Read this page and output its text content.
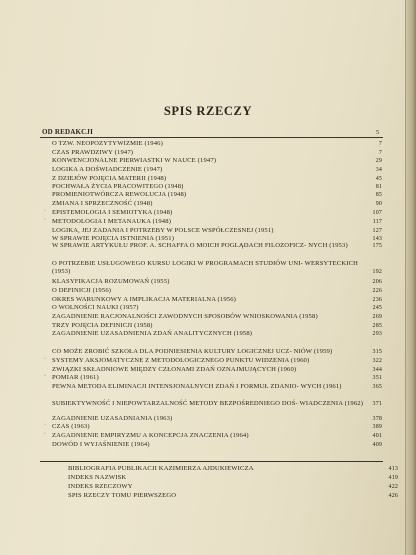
SPIS RZECZY
OD REDAKCJI	5
O TZW. NEOPOZYTYWIZMIE (1946)	7
CZAS PRAWDZIWY (1947)	7
KONWENCJONALNE PIERWIASTKI W NAUCE (1947)	29
LOGIKA A DOŚWIADCZENIE (1947)	34
Z DZIEJÓW POJĘCIA MATERII (1948)	45
POCHWAŁA ŻYCIA PRACOWITEGO (1948)	81
PROMIENIOTWÓRCZA REWOLUCJA (1948)	85
ZMIANA I SPRZECZNOŚĆ (1948)	90
EPISTEMOLOGIA I SEMIOTYKA (1948)	107
METODOLOGIA I METANAUKA (1948)	117
LOGIKA, JEJ ZADANIA I POTRZEBY W POLSCE WSPÓŁCZESNEJ (1951)	127
W SPRAWIE POJĘCIA ISTNIENIA (1951)	143
W SPRAWIE ARTYKUŁU PROF. A. SCHAFFA O MOICH POGLĄDACH FILOZOFICZ- NYCH (1953)	175
O POTRZEBIE USŁUGOWEGO KURSU LOGIKI W PROGRAMACH STUDIÓW UNI- WERSYTECKICH (1953)	192
KLASYFIKACJA ROZUMOWAŃ (1955)	206
O DEFINICJI (1956)	226
OKRES WARUNKOWY A IMPLIKACJA MATERIALNA (1956)	236
O WOLNOŚCI NAUKI (1957)	245
ZAGADNIENIE RACJONALNOŚCI ZAWODNYCH SPOSOBÓW WNIOSKOWANIA (1958)	269
TRZY POJĘCIA DEFINICJI (1958)	285
ZAGADNIENIE UZASADNIENIA ZDAŃ ANALITYCZNYCH (1958)	293
CO MOŻE ZROBIĆ SZKOŁA DLA PODNIESIENIA KULTURY LOGICZNEJ UCZ- NIÓW (1959)	315
SYSTEMY AKSJOMATYCZNE Z METODOLOGICZNEGO PUNKTU WIDZENIA (1960)	322
ZWIĄZKI SKŁADNIOWE MIĘDZY CZŁONAMI ZDAŃ OZNAJMUJĄCYCH (1960)	344
POMIAR (1961)	351
PEWNA METODA ELIMINACJI INTENSJONALNYCH ZDAŃ I FORMUŁ ZDANIO- WYCH (1961)	365
SUBIEKTYWNOŚĆ I NIEPOWTARZALNOŚĆ METODY BEZPOŚREDNIEGO DOŚ- WIADCZENIA (1962)	371
ZAGADNIENIE UZASADNIANIA (1963)	378
CZAS (1963)	389
ZAGADNIENIE EMPIRYZMU A KONCEPCJA ZNACZENIA (1964)	401
DOWÓD I WYJAŚNIENIE (1964)	409
BIBLIOGRAFIA PUBLIKACJI KAZIMIERZA AJDUKIEWICZA	413
INDEKS NAZWISK	419
INDEKS RZECZOWY	422
SPIS RZECZY TOMU PIERWSZEGO	426
·
·
·
·
·
·
